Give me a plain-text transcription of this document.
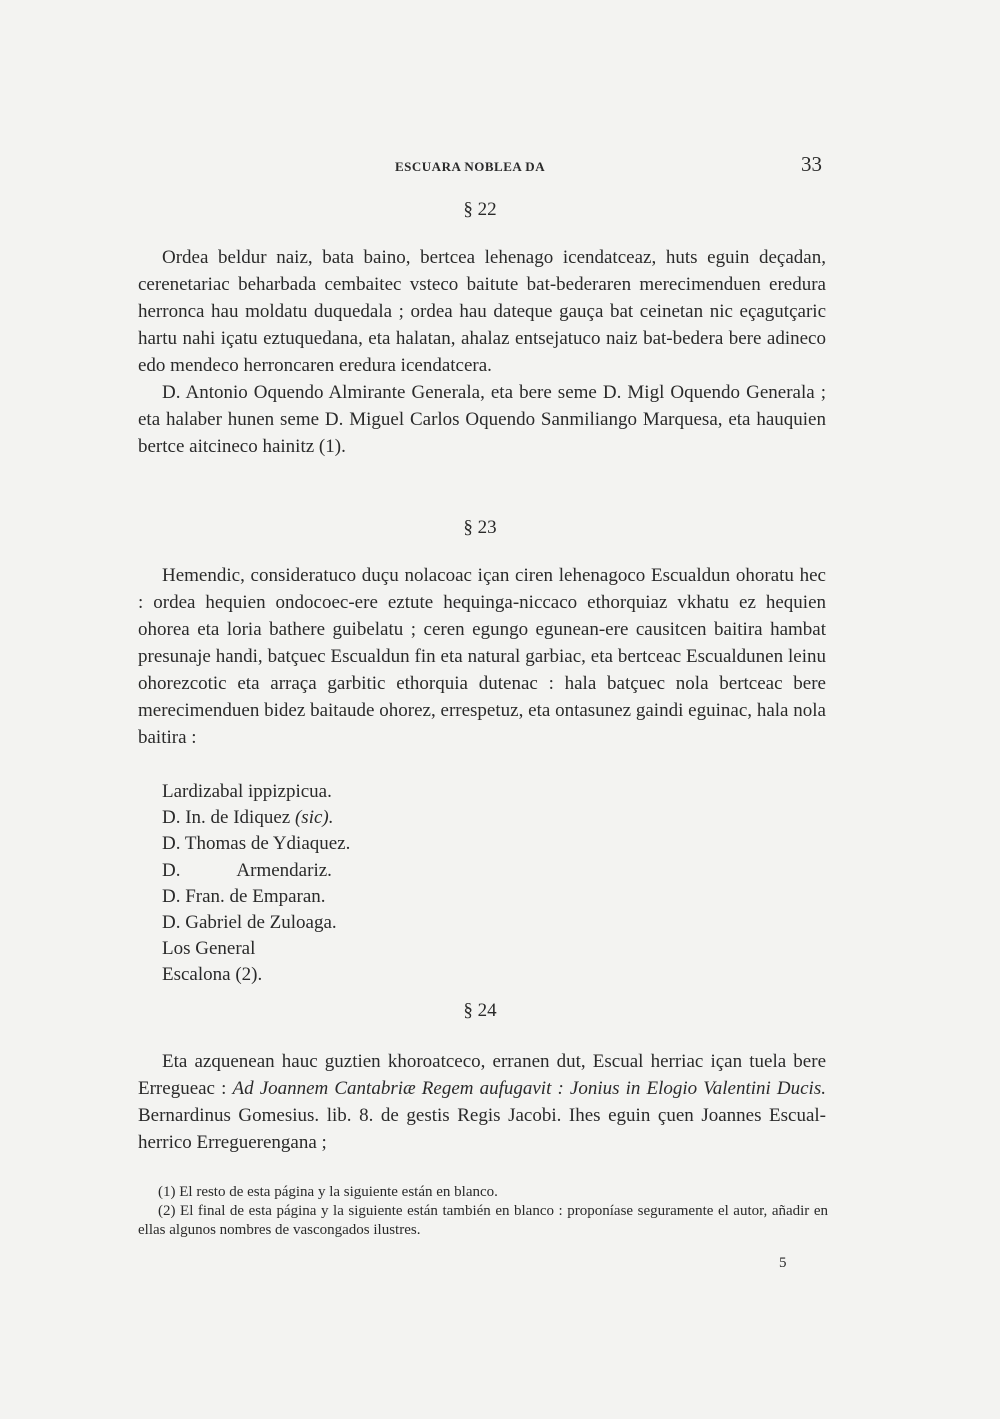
ESCUARA NOBLEA DA	33
§ 22

Ordea beldur naiz, bata baino, bertcea lehenago icendatceaz, huts eguin deçadan, cerenetariac beharbada cembaitec vsteco baitute bat-bederaren merecimenduen eredura herronca hau moldatu duquedala ; ordea hau dateque gauça bat ceinetan nic eçagutçaric hartu nahi içatu eztuquedana, eta halatan, ahalaz entsejatuco naiz bat-bedera bere adineco edo mendeco herroncaren eredura icendatcera.

D. Antonio Oquendo Almirante Generala, eta bere seme D. Migl Oquendo Generala ; eta halaber hunen seme D. Miguel Carlos Oquendo Sanmiliango Marquesa, eta hauquien bertce aitcineco hainitz (1).

§ 23

Hemendic, consideratuco duçu nolacoac içan ciren lehenagoco Escualdun ohoratu hec : ordea hequien ondocoec-ere eztute hequinga-niccaco ethorquiaz vkhatu ez hequien ohorea eta loria bathere guibelatu ; ceren egungo egunean-ere causitcen baitira hambat presunaje handi, batçuec Escualdun fin eta natural garbiac, eta bertceac Escualdunen leinu ohorezcotic eta arraça garbitic ethorquia dutenac : hala batçuec nola bertceac bere merecimenduen bidez baitaude ohorez, errespetuz, eta ontasunez gaindi eguinac, hala nola baitira :

Lardizabal ippizpicua.
D. In. de Idiquez (sic).
D. Thomas de Ydiaquez.
D.            Armendariz.
D. Fran. de Emparan.
D. Gabriel de Zuloaga.
Los General
Escalona (2).
§ 24

Eta azquenean hauc guztien khoroatceco, erranen dut, Escual herriac içan tuela bere Erregueac : Ad Joannem Cantabriæ Regem aufugavit : Jonius in Elogio Valentini Ducis. Bernardinus Gomesius. lib. 8. de gestis Regis Jacobi. Ihes eguin çuen Joannes Escual-herrico Erreguerengana ;

(1) El resto de esta página y la siguiente están en blanco.

(2) El final de esta página y la siguiente están también en blanco : proponíase seguramente el autor, añadir en ellas algunos nombres de vascongados ilustres.

5
